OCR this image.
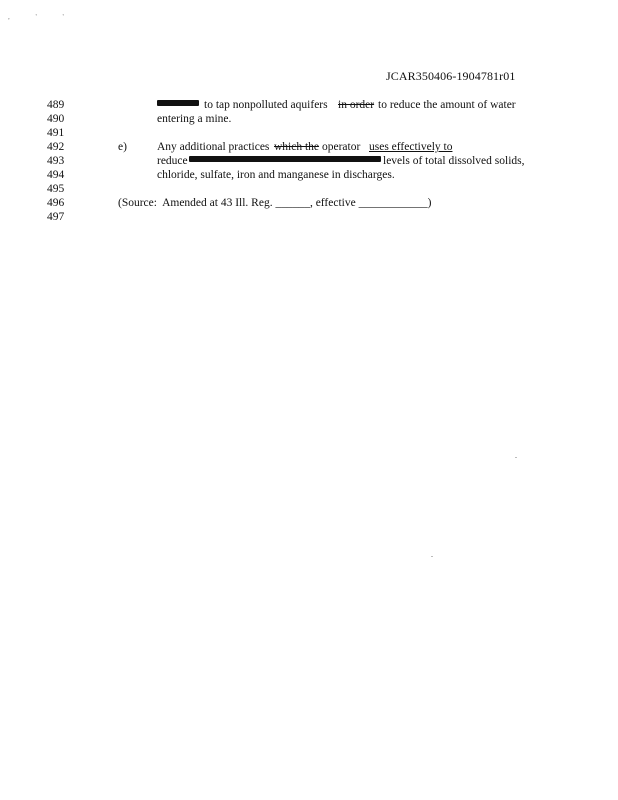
, ' '
JCAR350406-1904781r01
489	to tap nonpolluted aquifers in order to reduce the amount of water
490	entering a mine.
491
492	e)	Any additional practices which the operator uses effectively to
493	reduce	levels of total dissolved solids,
494	chloride, sulfate, iron and manganese in discharges.
495
496	(Source:  Amended at 43 Ill. Reg. ______, effective ____________)
497
